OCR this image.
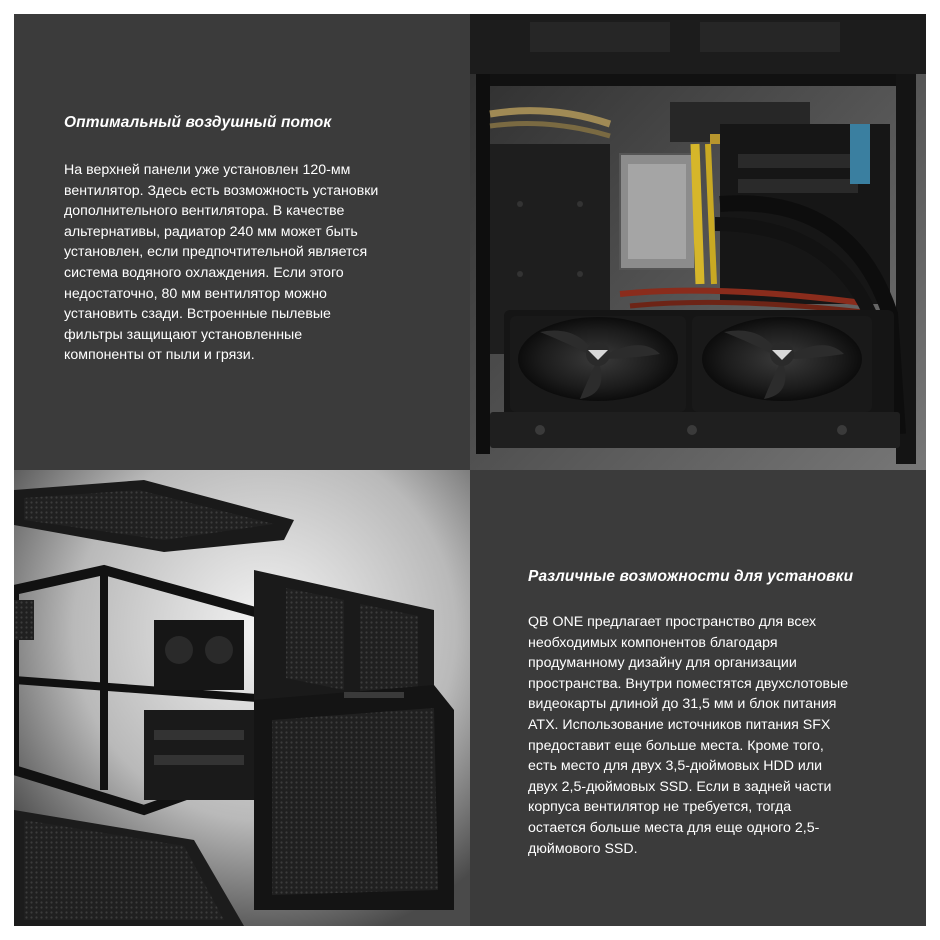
Оптимальный воздушный поток
На верхней панели уже установлен 120-мм
вентилятор. Здесь есть возможность установки
дополнительного вентилятора. В качестве
альтернативы, радиатор 240 мм может быть
установлен, если предпочтительной является
система водяного охлаждения. Если этого
недостаточно, 80 мм вентилятор можно
установить сзади. Встроенные пылевые
фильтры защищают установленные
компоненты от пыли и грязи.
Различные возможности для установки
QB ONE предлагает пространство для всех
необходимых компонентов благодаря
продуманному дизайну для организации
пространства. Внутри поместятся двухслотовые
видеокарты длиной до 31,5 мм и блок питания
ATX. Использование источников питания SFX
предоставит еще больше места. Кроме того,
есть место для двух 3,5-дюймовых HDD или
двух 2,5-дюймовых SSD. Если в задней части
корпуса вентилятор не требуется, тогда
остается больше места для еще одного 2,5-
дюймового SSD.
